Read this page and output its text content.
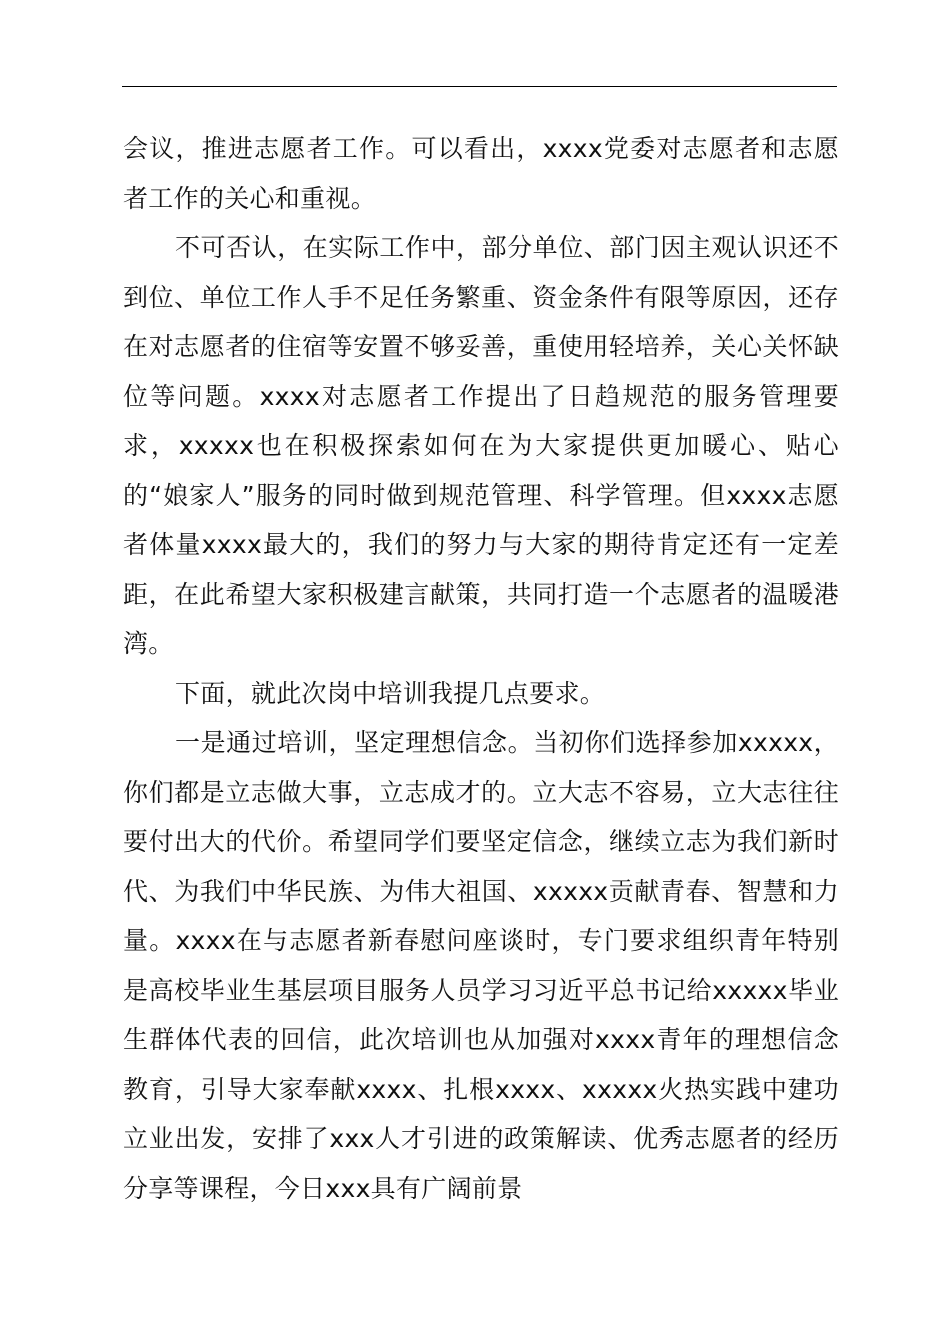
会议，推进志愿者工作。可以看出，xxxx党委对志愿者和志愿者工作的关心和重视。

不可否认，在实际工作中，部分单位、部门因主观认识还不到位、单位工作人手不足任务繁重、资金条件有限等原因，还存在对志愿者的住宿等安置不够妥善，重使用轻培养，关心关怀缺位等问题。xxxx对志愿者工作提出了日趋规范的服务管理要求，xxxxx也在积极探索如何在为大家提供更加暖心、贴心的“娘家人”服务的同时做到规范管理、科学管理。但xxxx志愿者体量xxxx最大的，我们的努力与大家的期待肯定还有一定差距，在此希望大家积极建言献策，共同打造一个志愿者的温暖港湾。

下面，就此次岗中培训我提几点要求。

一是通过培训，坚定理想信念。当初你们选择参加xxxxx，你们都是立志做大事，立志成才的。立大志不容易，立大志往往要付出大的代价。希望同学们要坚定信念，继续立志为我们新时代、为我们中华民族、为伟大祖国、xxxxx贡献青春、智慧和力量。xxxx在与志愿者新春慰问座谈时，专门要求组织青年特别是高校毕业生基层项目服务人员学习习近平总书记给xxxxx毕业生群体代表的回信，此次培训也从加强对xxxx青年的理想信念教育，引导大家奉献xxxx、扎根xxxx、xxxxx火热实践中建功立业出发，安排了xxx人才引进的政策解读、优秀志愿者的经历分享等课程，今日xxx具有广阔前景
